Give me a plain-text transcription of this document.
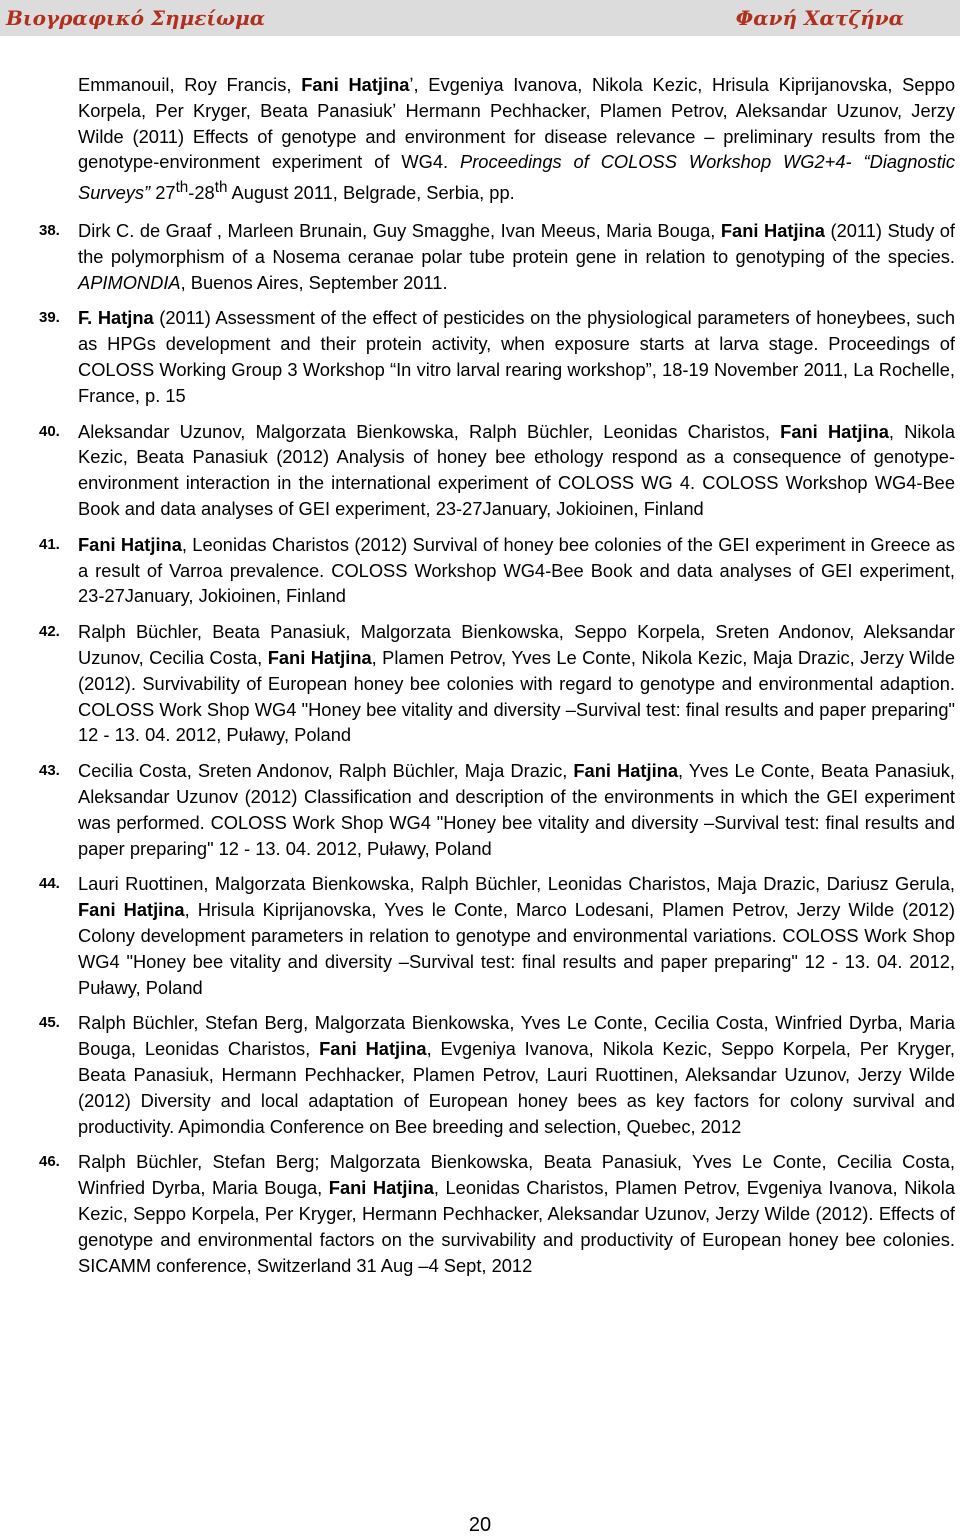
Βιογραφικό Σημείωμα	Φανή Χατζήνα
Emmanouil, Roy Francis, Fani Hatjinaʼ, Evgeniya Ivanova, Nikola Kezic, Hrisula Kiprijanovska, Seppo Korpela, Per Kryger, Beata Panasiukʼ Hermann Pechhacker, Plamen Petrov, Aleksandar Uzunov, Jerzy Wilde (2011) Effects of genotype and environment for disease relevance – preliminary results from the genotype-environment experiment of WG4. Proceedings of COLOSS Workshop WG2+4- “Diagnostic Surveys” 27th-28th August 2011, Belgrade, Serbia, pp.
38. Dirk C. de Graaf , Marleen Brunain, Guy Smagghe, Ivan Meeus, Maria Bouga, Fani Hatjina (2011) Study of the polymorphism of a Nosema ceranae polar tube protein gene in relation to genotyping of the species. APIMONDIA, Buenos Aires, September 2011.
39. F. Hatjna (2011) Assessment of the effect of pesticides on the physiological parameters of honeybees, such as HPGs development and their protein activity, when exposure starts at larva stage. Proceedings of COLOSS Working Group 3 Workshop “In vitro larval rearing workshop”, 18-19 November 2011, La Rochelle, France, p. 15
40. Aleksandar Uzunov, Malgorzata Bienkowska, Ralph Büchler, Leonidas Charistos, Fani Hatjina, Nikola Kezic, Beata Panasiuk (2012) Analysis of honey bee ethology respond as a consequence of genotype-environment interaction in the international experiment of COLOSS WG 4. COLOSS Workshop WG4-Bee Book and data analyses of GEI experiment, 23-27January, Jokioinen, Finland
41. Fani Hatjina, Leonidas Charistos (2012) Survival of honey bee colonies of the GEI experiment in Greece as a result of Varroa prevalence. COLOSS Workshop WG4-Bee Book and data analyses of GEI experiment, 23-27January, Jokioinen, Finland
42. Ralph Büchler, Beata Panasiuk, Malgorzata Bienkowska, Seppo Korpela, Sreten Andonov, Aleksandar Uzunov, Cecilia Costa, Fani Hatjina, Plamen Petrov, Yves Le Conte, Nikola Kezic, Maja Drazic, Jerzy Wilde (2012). Survivability of European honey bee colonies with regard to genotype and environmental adaption. COLOSS Work Shop WG4 "Honey bee vitality and diversity –Survival test: final results and paper preparing" 12 - 13. 04. 2012, Puławy, Poland
43. Cecilia Costa, Sreten Andonov, Ralph Büchler, Maja Drazic, Fani Hatjina, Yves Le Conte, Beata Panasiuk, Aleksandar Uzunov (2012) Classification and description of the environments in which the GEI experiment was performed. COLOSS Work Shop WG4 "Honey bee vitality and diversity –Survival test: final results and paper preparing" 12 - 13. 04. 2012, Puławy, Poland
44. Lauri Ruottinen, Malgorzata Bienkowska, Ralph Büchler, Leonidas Charistos, Maja Drazic, Dariusz Gerula, Fani Hatjina, Hrisula Kiprijanovska, Yves le Conte, Marco Lodesani, Plamen Petrov, Jerzy Wilde (2012) Colony development parameters in relation to genotype and environmental variations. COLOSS Work Shop WG4 "Honey bee vitality and diversity –Survival test: final results and paper preparing" 12 - 13. 04. 2012, Puławy, Poland
45. Ralph Büchler, Stefan Berg, Malgorzata Bienkowska, Yves Le Conte, Cecilia Costa, Winfried Dyrba, Maria Bouga, Leonidas Charistos, Fani Hatjina, Evgeniya Ivanova, Nikola Kezic, Seppo Korpela, Per Kryger, Beata Panasiuk, Hermann Pechhacker, Plamen Petrov, Lauri Ruottinen, Aleksandar Uzunov, Jerzy Wilde (2012) Diversity and local adaptation of European honey bees as key factors for colony survival and productivity. Apimondia Conference on Bee breeding and selection, Quebec, 2012
46. Ralph Büchler, Stefan Berg; Malgorzata Bienkowska, Beata Panasiuk, Yves Le Conte, Cecilia Costa, Winfried Dyrba, Maria Bouga, Fani Hatjina, Leonidas Charistos, Plamen Petrov, Evgeniya Ivanova, Nikola Kezic, Seppo Korpela, Per Kryger, Hermann Pechhacker, Aleksandar Uzunov, Jerzy Wilde (2012). Effects of genotype and environmental factors on the survivability and productivity of European honey bee colonies. SICAMM conference, Switzerland 31 Aug –4 Sept, 2012
20
